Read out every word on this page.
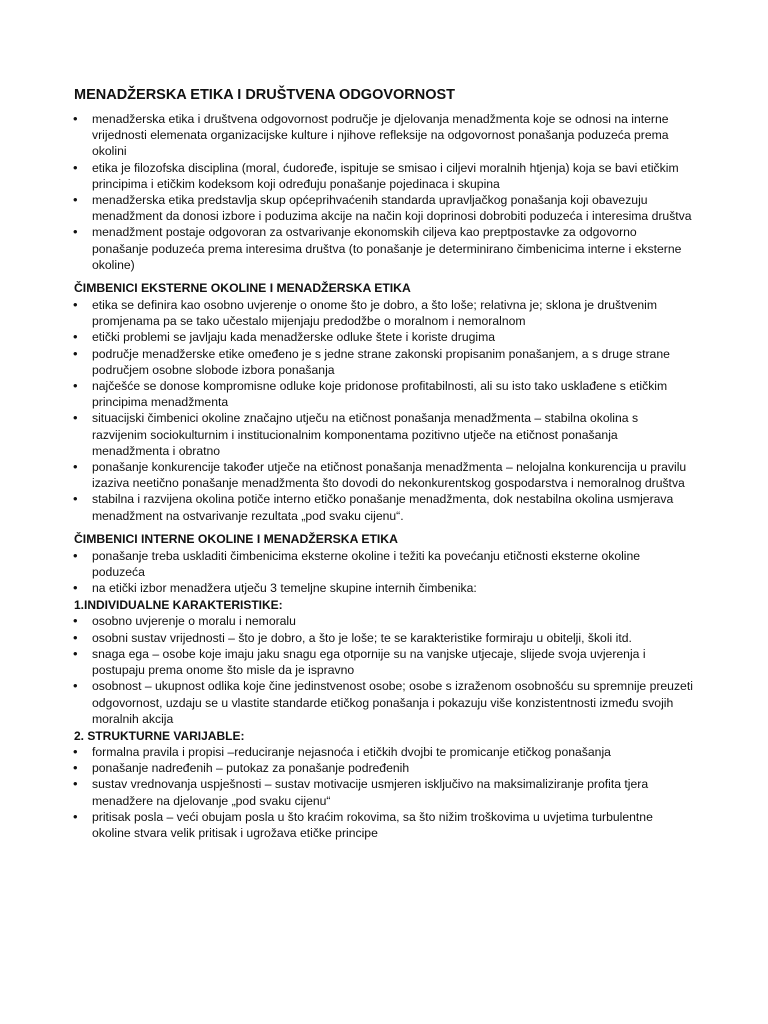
MENADŽERSKA ETIKA I DRUŠTVENA ODGOVORNOST
• menadžerska etika i društvena odgovornost područje je djelovanja menadžmenta koje se odnosi na interne vrijednosti elemenata organizacijske kulture i njihove refleksije na odgovornost ponašanja poduzeća prema okolini
• etika je filozofska disciplina (moral, ćudoređe, ispituje se smisao i ciljevi moralnih htjenja) koja se bavi etičkim principima i etičkim kodeksom koji određuju ponašanje pojedinaca i skupina
• menadžerska etika predstavlja skup općeprihvaćenih standarda upravljačkog ponašanja koji obavezuju menadžment da donosi izbore i poduzima akcije na način koji doprinosi dobrobiti poduzeća i interesima društva
• menadžment postaje odgovoran za ostvarivanje ekonomskih ciljeva kao preptpostavke za odgovorno ponašanje poduzeća prema interesima društva (to ponašanje je determinirano čimbenicima interne i eksterne okoline)
ČIMBENICI EKSTERNE OKOLINE I MENADŽERSKA ETIKA
• etika se definira kao osobno uvjerenje o onome što je dobro, a što loše; relativna je; sklona je društvenim promjenama pa se tako učestalo mijenjaju predodžbe o moralnom i nemoralnom
• etički problemi se javljaju kada menadžerske odluke štete i koriste drugima
• područje menadžerske etike omeđeno je s jedne strane zakonski propisanim ponašanjem, a s druge strane područjem osobne slobode izbora ponašanja
• najčešće se donose kompromisne odluke koje pridonose profitabilnosti, ali su isto tako usklađene s etičkim principima menadžmenta
• situacijski čimbenici okoline značajno utječu na etičnost ponašanja menadžmenta – stabilna okolina s razvijenim sociokulturnim i institucionalnim komponentama pozitivno utječe na etičnost ponašanja menadžmenta i obratno
• ponašanje konkurencije također utječe na etičnost ponašanja menadžmenta – nelojalna konkurencija u pravilu izaziva neetično ponašanje menadžmenta što dovodi do nekonkurentskog gospodarstva i nemoralnog društva
• stabilna i razvijena okolina potiče interno etičko ponašanje menadžmenta, dok nestabilna okolina usmjerava menadžment na ostvarivanje rezultata „pod svaku cijenu“.
ČIMBENICI INTERNE OKOLINE I MENADŽERSKA ETIKA
• ponašanje treba uskladiti čimbenicima eksterne okoline i težiti ka povećanju etičnosti eksterne okoline poduzeća
• na etički izbor menadžera utječu 3 temeljne skupine internih čimbenika:
1.INDIVIDUALNE KARAKTERISTIKE:
• osobno uvjerenje o moralu i nemoralu
• osobni sustav vrijednosti – što je dobro, a što je loše; te se karakteristike formiraju u obitelji, školi itd.
• snaga ega – osobe koje imaju jaku snagu ega otpornije su na vanjske utjecaje, slijede svoja uvjerenja i postupaju prema onome što misle da je ispravno
• osobnost – ukupnost odlika koje čine jedinstvenost osobe; osobe s izraženom osobnošću su spremnije preuzeti odgovornost, uzdaju se u vlastite standarde etičkog ponašanja i pokazuju više konzistentnosti između svojih moralnih akcija
2. STRUKTURNE VARIJABLE:
• formalna pravila i propisi –reduciranje nejasnoća i etičkih dvojbi te promicanje etičkog ponašanja
• ponašanje nadređenih – putokaz za ponašanje podređenih
• sustav vrednovanja uspješnosti – sustav motivacije usmjeren isključivo na maksimaliziranje profita tjera menadžere na djelovanje „pod svaku cijenu“
• pritisak posla – veći obujam posla u što kraćim rokovima, sa što nižim troškovima u uvjetima turbulentne okoline stvara velik pritisak i ugrožava etičke principe
